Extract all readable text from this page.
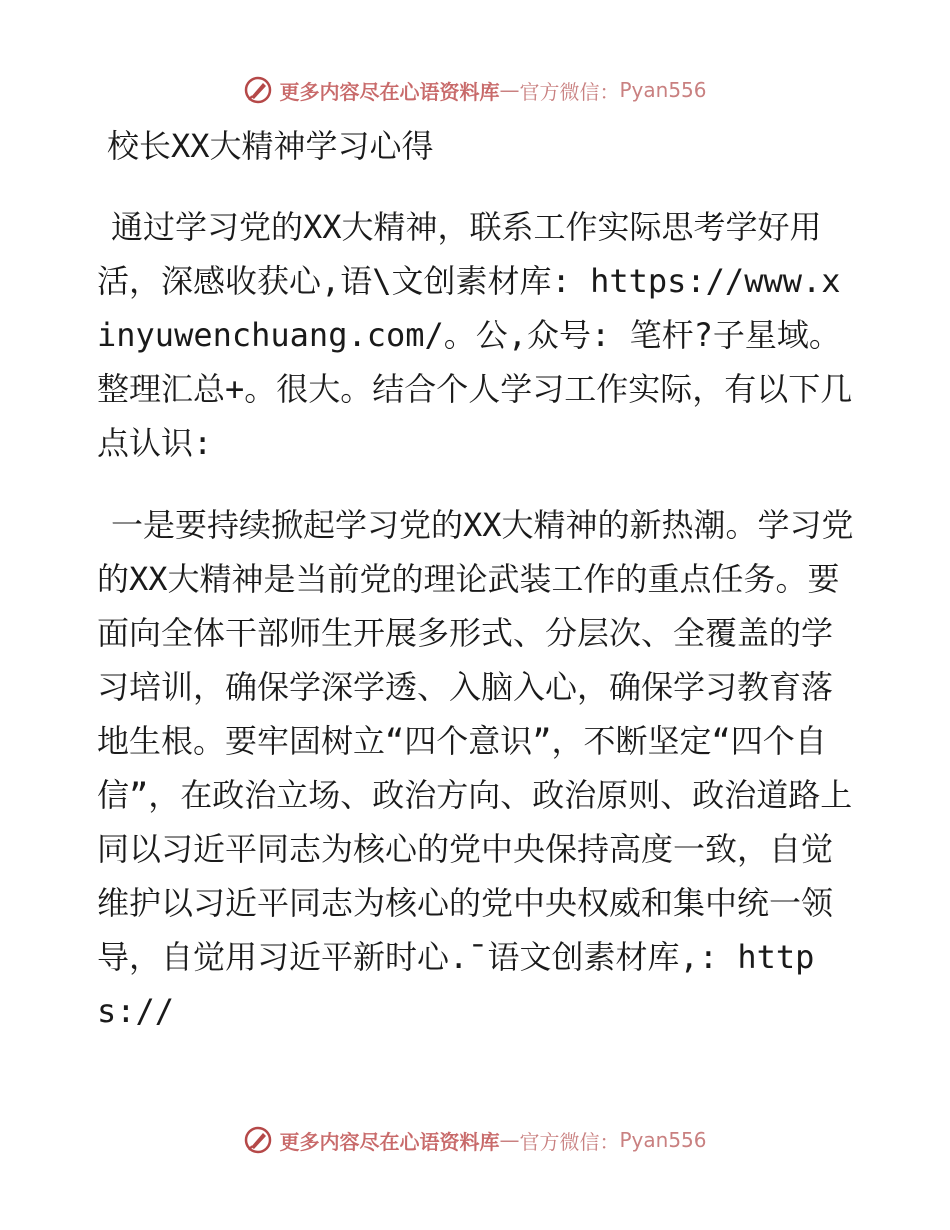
更多内容尽在心语资料库 — 官方微信： Pyan556
校长XX大精神学习心得

通过学习党的XX大精神，联系工作实际思考学好用活，深感收获心,语\文创素材库: https://www.xinyuwenchuang.com/。公,众号: 笔杆?子星域。整理汇总+。很大。结合个人学习工作实际，有以下几点认识:

一是要持续掀起学习党的XX大精神的新热潮。学习党的XX大精神是当前党的理论武装工作的重点任务。要面向全体干部师生开展多形式、分层次、全覆盖的学习培训，确保学深学透、入脑入心，确保学习教育落地生根。要牢固树立“四个意识”，不断坚定“四个自信”，在政治立场、政治方向、政治原则、政治道路上同以习近平同志为核心的党中央保持高度一致，自觉维护以习近平同志为核心的党中央权威和集中统一领导，自觉用习近平新时心.¯语文创素材库,: https://

更多内容尽在心语资料库 — 官方微信： Pyan556
